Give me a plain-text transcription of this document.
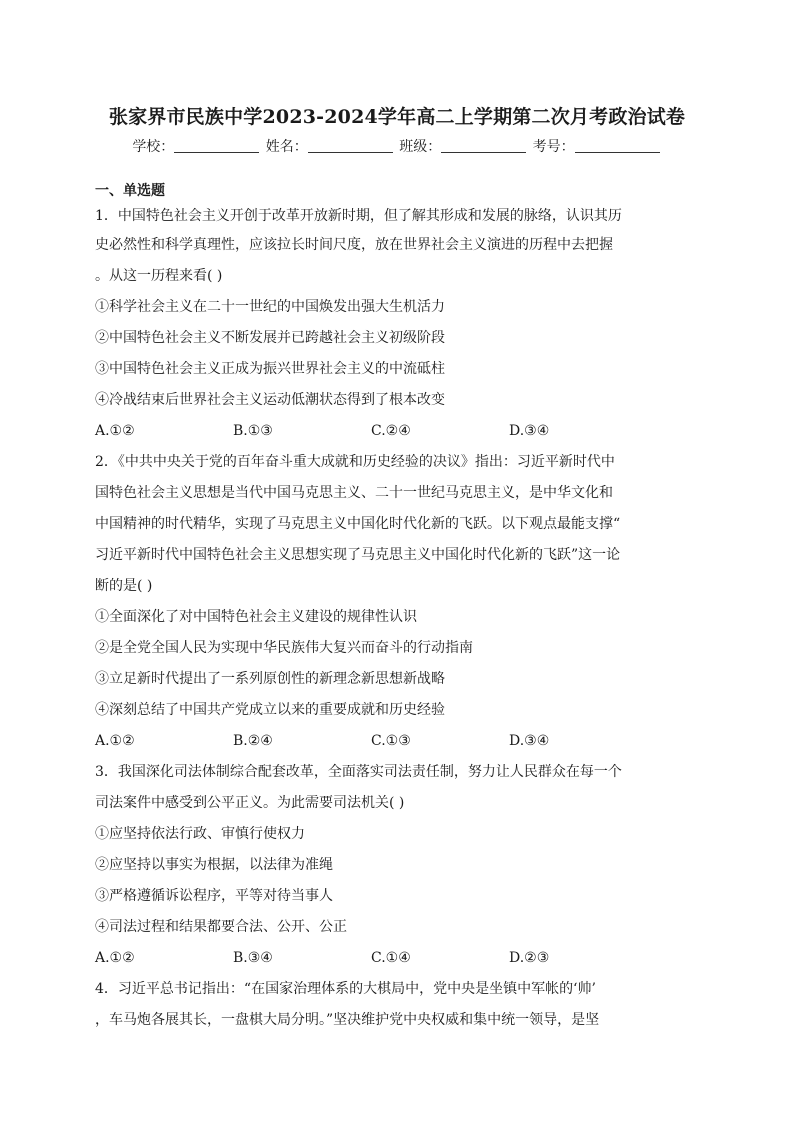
张家界市民族中学2023-2024学年高二上学期第二次月考政治试卷
学校：	姓名：	班级：	考号：
一、单选题
1．中国特色社会主义开创于改革开放新时期，但了解其形成和发展的脉络，认识其历
史必然性和科学真理性，应该拉长时间尺度，放在世界社会主义演进的历程中去把握
。从这一历程来看( )
①科学社会主义在二十一世纪的中国焕发出强大生机活力
②中国特色社会主义不断发展并已跨越社会主义初级阶段
③中国特色社会主义正成为振兴世界社会主义的中流砥柱
④冷战结束后世界社会主义运动低潮状态得到了根本改变
A.①②	B.①③	C.②④	D.③④
2．《中共中央关于党的百年奋斗重大成就和历史经验的决议》指出：习近平新时代中
国特色社会主义思想是当代中国马克思主义、二十一世纪马克思主义，是中华文化和
中国精神的时代精华，实现了马克思主义中国化时代化新的飞跃。以下观点最能支撑“
习近平新时代中国特色社会主义思想实现了马克思主义中国化时代化新的飞跃”这一论
断的是( )
①全面深化了对中国特色社会主义建设的规律性认识
②是全党全国人民为实现中华民族伟大复兴而奋斗的行动指南
③立足新时代提出了一系列原创性的新理念新思想新战略
④深刻总结了中国共产党成立以来的重要成就和历史经验
A.①②	B.②④	C.①③	D.③④
3．我国深化司法体制综合配套改革，全面落实司法责任制，努力让人民群众在每一个
司法案件中感受到公平正义。为此需要司法机关( )
①应坚持依法行政、审慎行使权力
②应坚持以事实为根据，以法律为准绳
③严格遵循诉讼程序，平等对待当事人
④司法过程和结果都要合法、公开、公正
A.①②	B.③④	C.①④	D.②③
4．习近平总书记指出：“在国家治理体系的大棋局中，党中央是坐镇中军帐的‘帅’
，车马炮各展其长，一盘棋大局分明。”坚决维护党中央权威和集中统一领导，是坚
